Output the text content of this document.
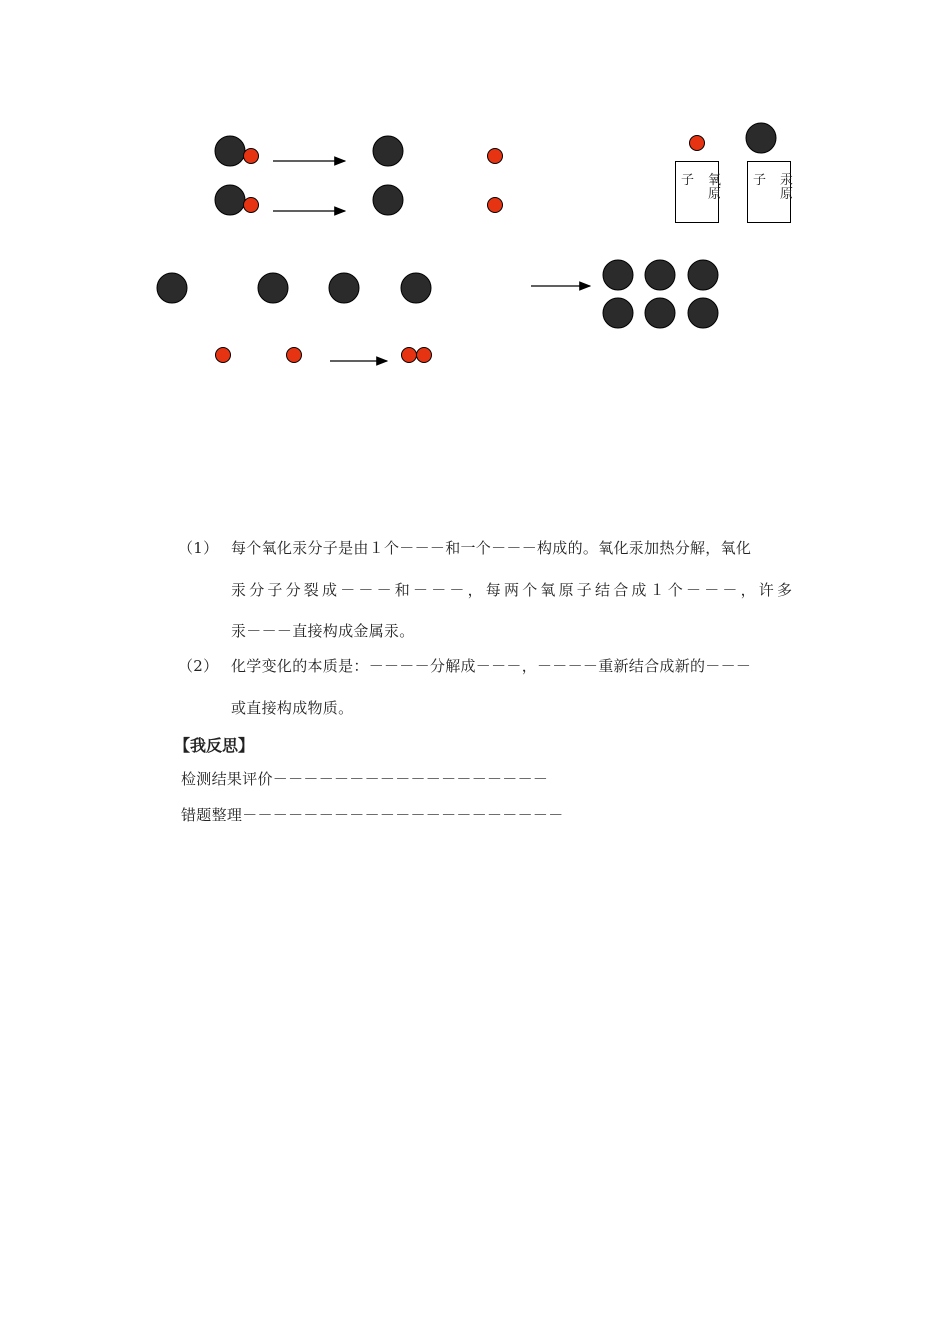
子 氧
原
子 汞
原
（1） 每个氧化汞分子是由１个－－－和一个－－－构成的。氧化汞加热分解，氧化
汞分子分裂成－－－和－－－，每两个氧原子结合成１个－－－，许多
汞－－－直接构成金属汞。
（2） 化学变化的本质是：－－－－分解成－－－，－－－－重新结合成新的－－－
或直接构成物质。
【我反思】
检测结果评价－－－－－－－－－－－－－－－－－－
错题整理－－－－－－－－－－－－－－－－－－－－－
